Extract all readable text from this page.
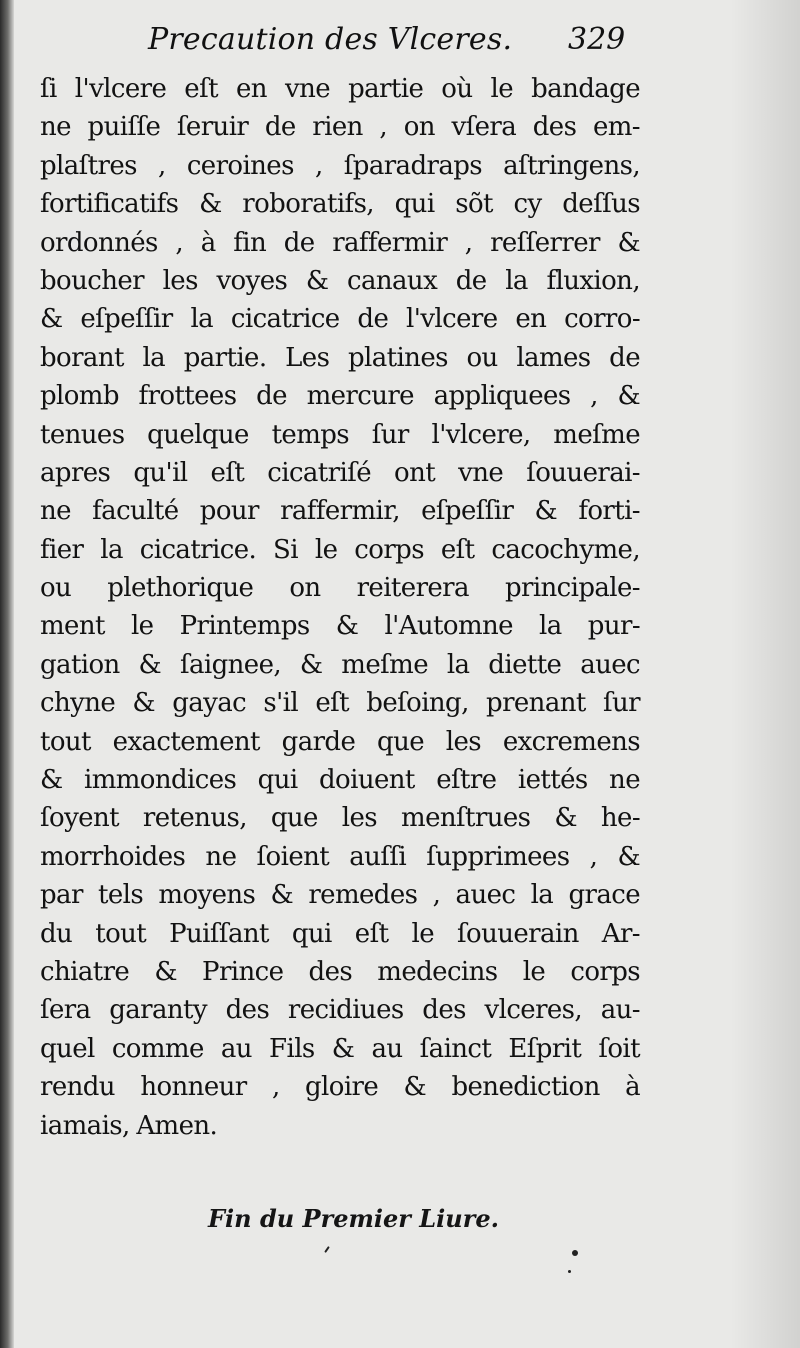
Precaution des Vlceres. 329
ſi l'vlcere eſt en vne partie où le bandage
ne puiſſe ſeruir de rien , on vſera des em-
plaſtres , ceroines , ſparadraps aſtringens,
fortificatifs & roboratifs, qui sõt cy deſſus
ordonnés , à fin de raffermir , reſſerrer &
boucher les voyes & canaux de la fluxion,
& eſpeſſir la cicatrice de l'vlcere en corro-
borant la partie. Les platines ou lames de
plomb frottees de mercure appliquees , &
tenues quelque temps ſur l'vlcere, meſme
apres qu'il eſt cicatriſé ont vne ſouuerai-
ne faculté pour raffermir, eſpeſſir & forti-
fier la cicatrice. Si le corps eſt cacochyme,
ou plethorique on reiterera principale-
ment le Printemps & l'Automne la pur-
gation & ſaignee, & meſme la diette auec
chyne & gayac s'il eſt beſoing, prenant ſur
tout exactement garde que les excremens
& immondices qui doiuent eſtre iettés ne
ſoyent retenus, que les menſtrues & he-
morrhoides ne ſoient auſſi ſupprimees , &
par tels moyens & remedes , auec la grace
du tout Puiſſant qui eſt le ſouuerain Ar-
chiatre & Prince des medecins le corps
ſera garanty des recidiues des vlceres, au-
quel comme au Fils & au ſainct Eſprit ſoit
rendu honneur , gloire & benediction à
iamais, Amen.
Fin du Premier Liure.
